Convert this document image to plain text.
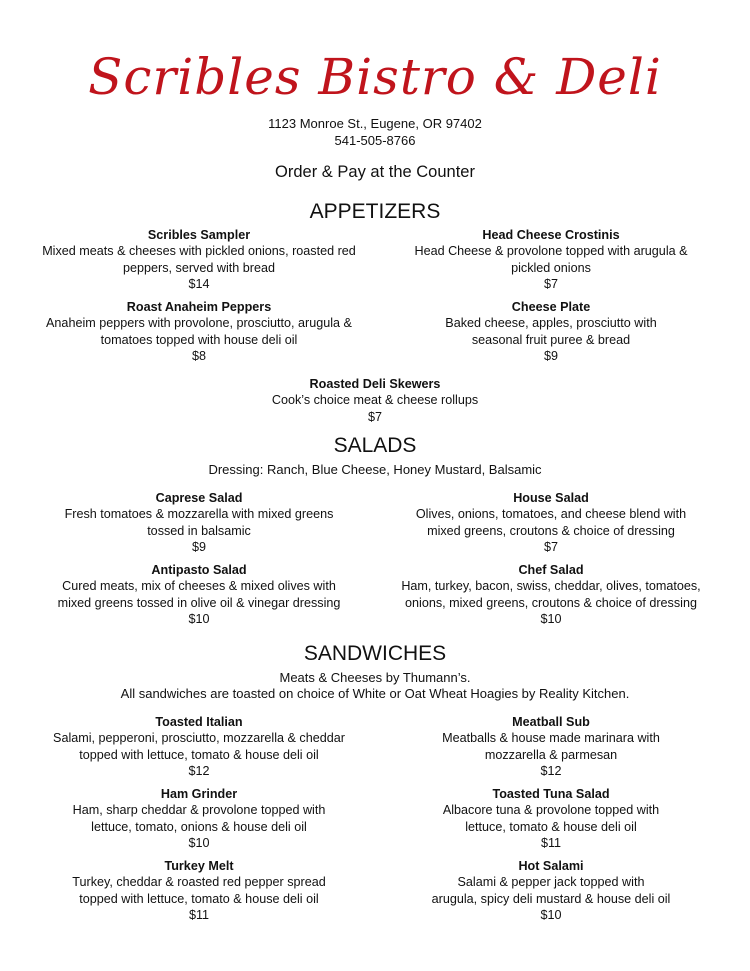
Scribles Bistro & Deli
1123 Monroe St., Eugene, OR 97402
541-505-8766
Order & Pay at the Counter
APPETIZERS
SALADS
Dressing: Ranch, Blue Cheese, Honey Mustard, Balsamic
SANDWICHES
Meats & Cheeses by Thumann’s.
All sandwiches are toasted on choice of White or Oat Wheat Hoagies by Reality Kitchen.
Scribles Sampler
Mixed meats & cheeses with pickled onions, roasted red
peppers, served with bread
$14
Head Cheese Crostinis
Head Cheese & provolone topped with arugula &
pickled onions
$7
Roast Anaheim Peppers
Anaheim peppers with provolone, prosciutto, arugula &
tomatoes topped with house deli oil
$8
Cheese Plate
Baked cheese, apples, prosciutto with
seasonal fruit puree & bread
$9
Roasted Deli Skewers
Cook’s choice meat & cheese rollups
$7
Caprese Salad
Fresh tomatoes & mozzarella with mixed greens
tossed in balsamic
$9
House Salad
Olives, onions, tomatoes, and cheese blend with
mixed greens, croutons & choice of dressing
$7
Antipasto Salad
Cured meats, mix of cheeses & mixed olives with
mixed greens tossed in olive oil & vinegar dressing
$10
Chef Salad
Ham, turkey, bacon, swiss, cheddar, olives, tomatoes,
onions, mixed greens, croutons & choice of dressing
$10
Toasted Italian
Salami, pepperoni, prosciutto, mozzarella & cheddar
topped with lettuce, tomato & house deli oil
$12
Meatball Sub
Meatballs & house made marinara with
mozzarella & parmesan
$12
Ham Grinder
Ham, sharp cheddar & provolone topped with
lettuce, tomato, onions & house deli oil
$10
Toasted Tuna Salad
Albacore tuna & provolone topped with
lettuce, tomato & house deli oil
$11
Turkey Melt
Turkey, cheddar & roasted red pepper spread
topped with lettuce, tomato & house deli oil
$11
Hot Salami
Salami & pepper jack topped with
arugula, spicy deli mustard & house deli oil
$10
